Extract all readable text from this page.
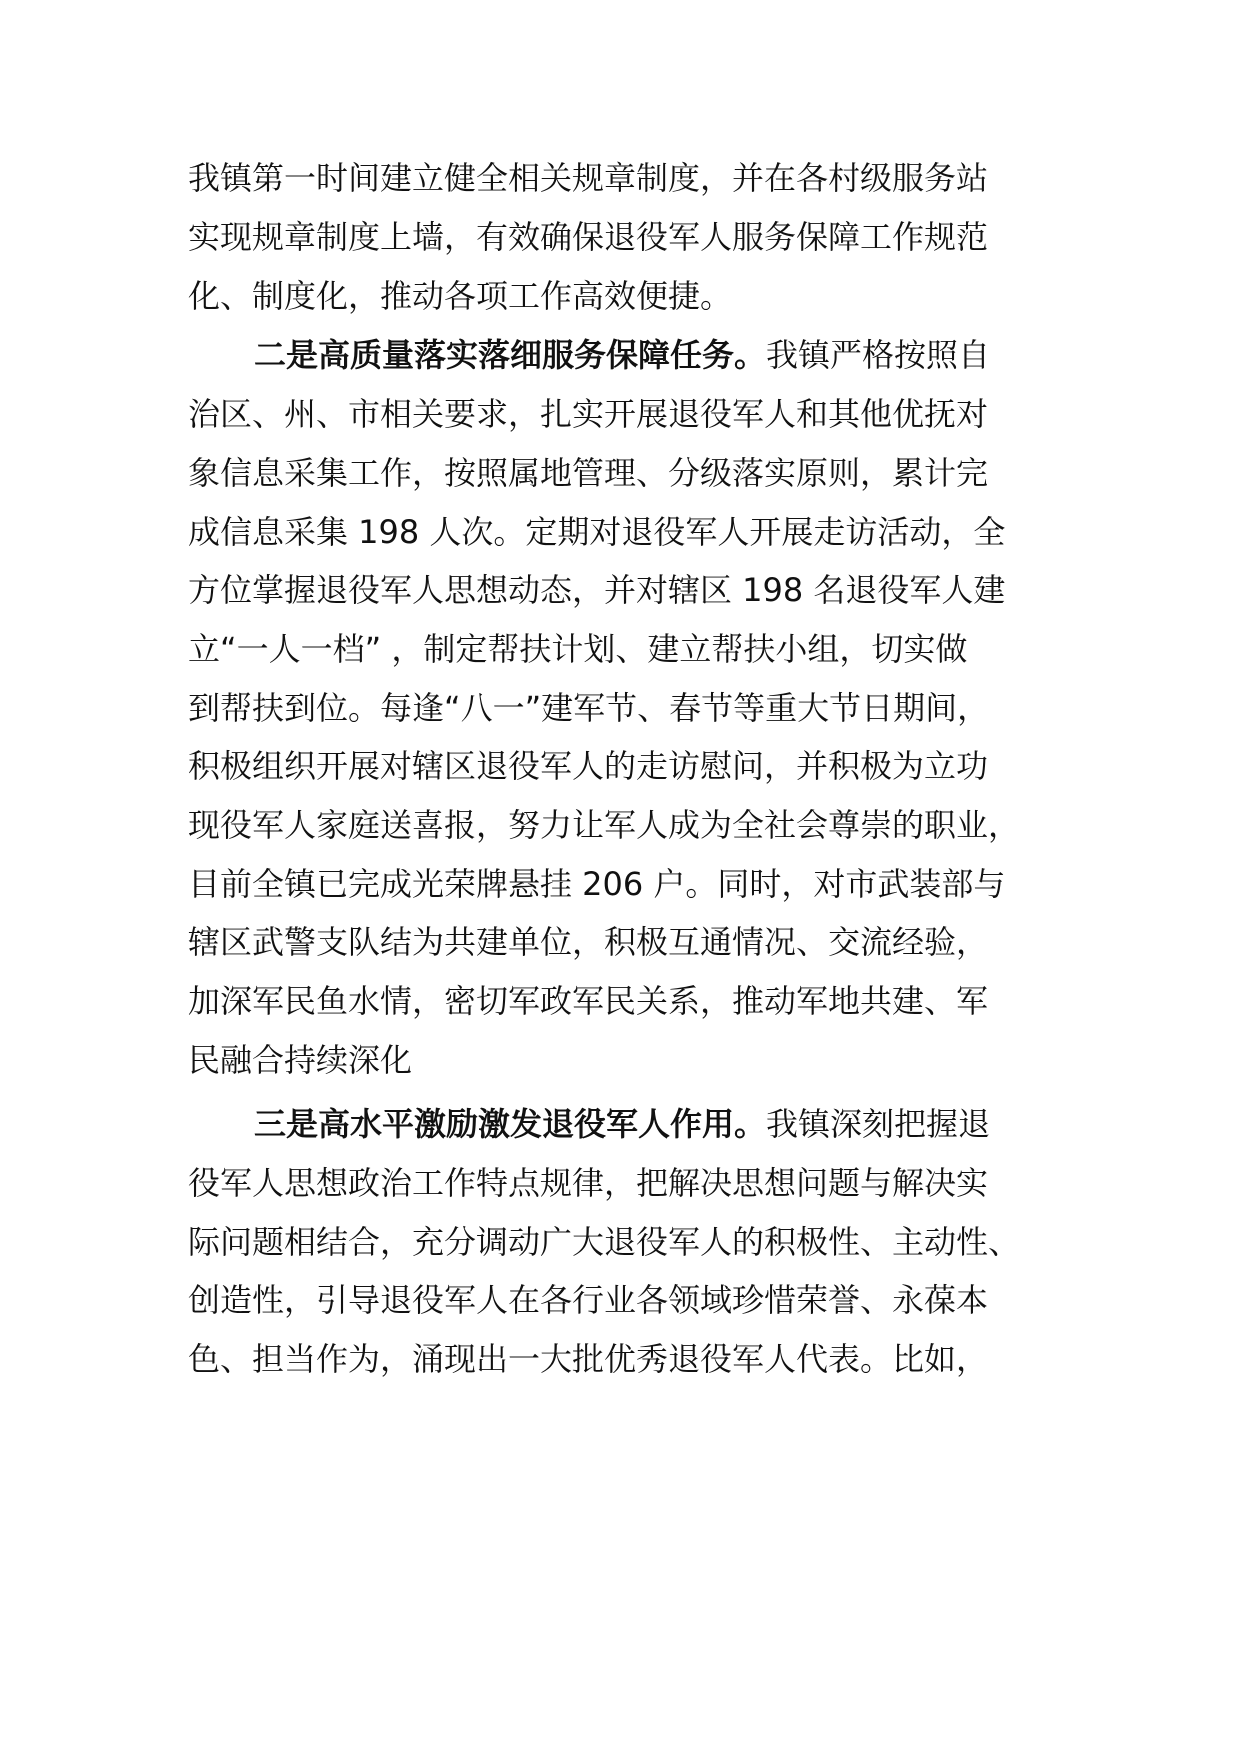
我镇第一时间建立健全相关规章制度，并在各村级服务站
实现规章制度上墙，有效确保退役军人服务保障工作规范
化、制度化，推动各项工作高效便捷。
二是高质量落实落细服务保障任务。我镇严格按照自
治区、州、市相关要求，扎实开展退役军人和其他优抚对
象信息采集工作，按照属地管理、分级落实原则，累计完
成信息采集 198 人次。定期对退役军人开展走访活动，全
方位掌握退役军人思想动态，并对辖区 198 名退役军人建
立“一人一档” ，制定帮扶计划、建立帮扶小组，切实做
到帮扶到位。每逢“八一”建军节、春节等重大节日期间，
积极组织开展对辖区退役军人的走访慰问，并积极为立功
现役军人家庭送喜报，努力让军人成为全社会尊崇的职业，
目前全镇已完成光荣牌悬挂 206 户。同时，对市武装部与
辖区武警支队结为共建单位，积极互通情况、交流经验，
加深军民鱼水情，密切军政军民关系，推动军地共建、军
民融合持续深化
三是高水平激励激发退役军人作用。我镇深刻把握退
役军人思想政治工作特点规律，把解决思想问题与解决实
际问题相结合，充分调动广大退役军人的积极性、主动性、
创造性，引导退役军人在各行业各领域珍惜荣誉、永葆本
色、担当作为，涌现出一大批优秀退役军人代表。比如，
